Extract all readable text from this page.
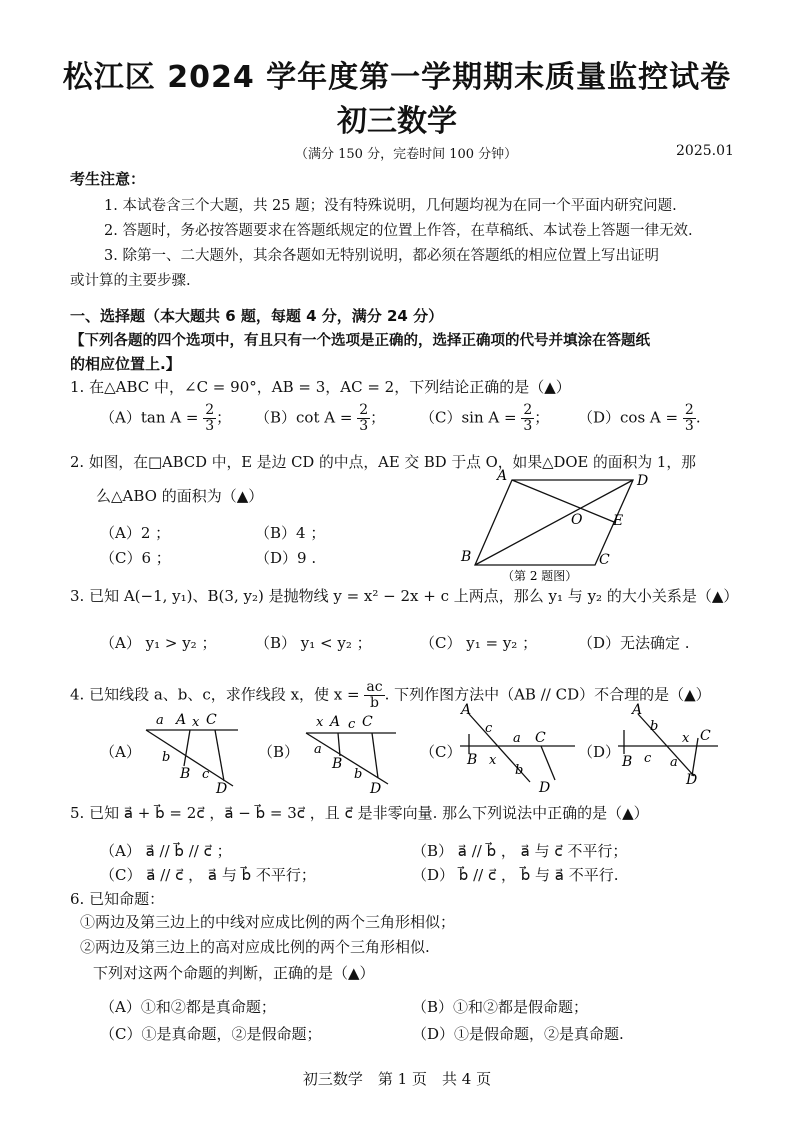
松江区 2024 学年度第一学期期末质量监控试卷
初三数学
（满分 150 分，完卷时间 100 分钟）	2025.01
考生注意：
1. 本试卷含三个大题，共 25 题；没有特殊说明，几何题均视为在同一个平面内研究问题.
2. 答题时，务必按答题要求在答题纸规定的位置上作答，在草稿纸、本试卷上答题一律无效.
3. 除第一、二大题外，其余各题如无特别说明，都必须在答题纸的相应位置上写出证明
或计算的主要步骤.
一、选择题（本大题共 6 题，每题 4 分，满分 24 分）
【下列各题的四个选项中，有且只有一个选项是正确的，选择正确项的代号并填涂在答题纸
的相应位置上.】
1. 在△ABC 中，∠C = 90°，AB = 3，AC = 2，下列结论正确的是（▲）
（A）tan $A = \frac{2}{3}$ ； （B）cot $A = \frac{2}{3}$ ； （C）sin $A = \frac{2}{3}$ ； （D）cos $A = \frac{2}{3}$ .
2. 如图，在□ABCD 中，E 是边 CD 的中点，AE 交 BD 于点 O，如果△DOE 的面积为 1，那
么△ABO 的面积为（▲）
（A）2 ；	（B）4 ；
（C）6 ；	（D）9 .
A	D
O E
B	C
（第 2 题图）
3. 已知 A(−1, y₁)、B(3, y₂) 是抛物线 y = x² − 2x + c 上两点，那么 y₁ 与 y₂ 的大小关系是（▲）
（A） y₁ > y₂ ；	（B） y₁ < y₂ ；	（C） y₁ = y₂ ；	（D）无法确定 .
4. 已知线段 a、b、c，求作线段 x，使 $x = \frac{ac}{b}$ . 下列作图方法中（AB // CD）不合理的是（▲）
（A）
a A x C
b
B c
D
（B）
x A c C
a
B
b
D
（C）
A
c
a C
B x
b
D
（D）
A
b
x C
B c a
D
5. 已知 a⃗ + b⃗ = 2c⃗ ，a⃗ − b⃗ = 3c⃗ ，且 c⃗ 是非零向量. 那么下列说法中正确的是（▲）
（A） a⃗ // b⃗ // c⃗ ；	（B） a⃗ // b⃗ ， a⃗ 与 c⃗ 不平行；
（C） a⃗ // c⃗ ， a⃗ 与 b⃗ 不平行；	（D） b⃗ // c⃗ ， b⃗ 与 a⃗ 不平行.
6. 已知命题：
①两边及第三边上的中线对应成比例的两个三角形相似；
②两边及第三边上的高对应成比例的两个三角形相似.
下列对这两个命题的判断，正确的是（▲）
（A）①和②都是真命题；	（B）①和②都是假命题；
（C）①是真命题，②是假命题；	（D）①是假命题，②是真命题.
初三数学　第 1 页　共 4 页
